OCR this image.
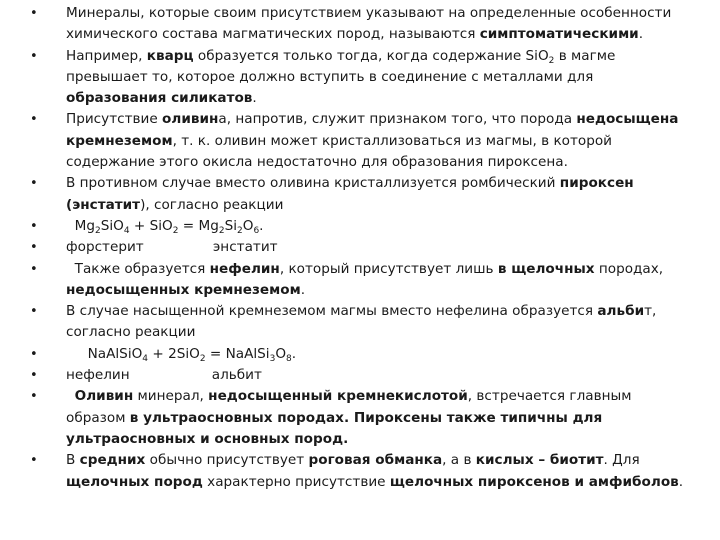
• Минералы, которые своим присутствием указывают на определенные особенности химического состава магматических пород, называются симптоматическими.
• Например, кварц образуется только тогда, когда содержание SiO$_2$ в магме превышает то, которое должно вступить в соединение с металлами для образования силикатов.
• Присутствие оливина, напротив, служит признаком того, что порода недосыщена кремнеземом, т. к. оливин может кристаллизоваться из магмы, в которой содержание этого окисла недостаточно для образования пироксена.
• В противном случае вместо оливина кристаллизуется ромбический пироксен (энстатит), согласно реакции
• $Mg_2SiO_4 + SiO_2 = Mg_2Si_2O_6$.
• форстерит                энстатит
• Также образуется нефелин, который присутствует лишь в щелочных породах, недосыщенных кремнеземом.
• В случае насыщенной кремнеземом магмы вместо нефелина образуется альбит, согласно реакции
• NaAlSiO$_4$ + $2SiO_2 = NaAlSi_3O_8$.
• нефелин                   альбит
•	Оливин минерал, недосыщенный кремнекислотой, встречается главным образом в ультраосновных породах. Пироксены также типичны для ультраосновных и основных пород.
• В средних обычно присутствует роговая обманка, а в кислых – биотит. Для щелочных пород характерно присутствие щелочных пироксенов и амфиболов.
